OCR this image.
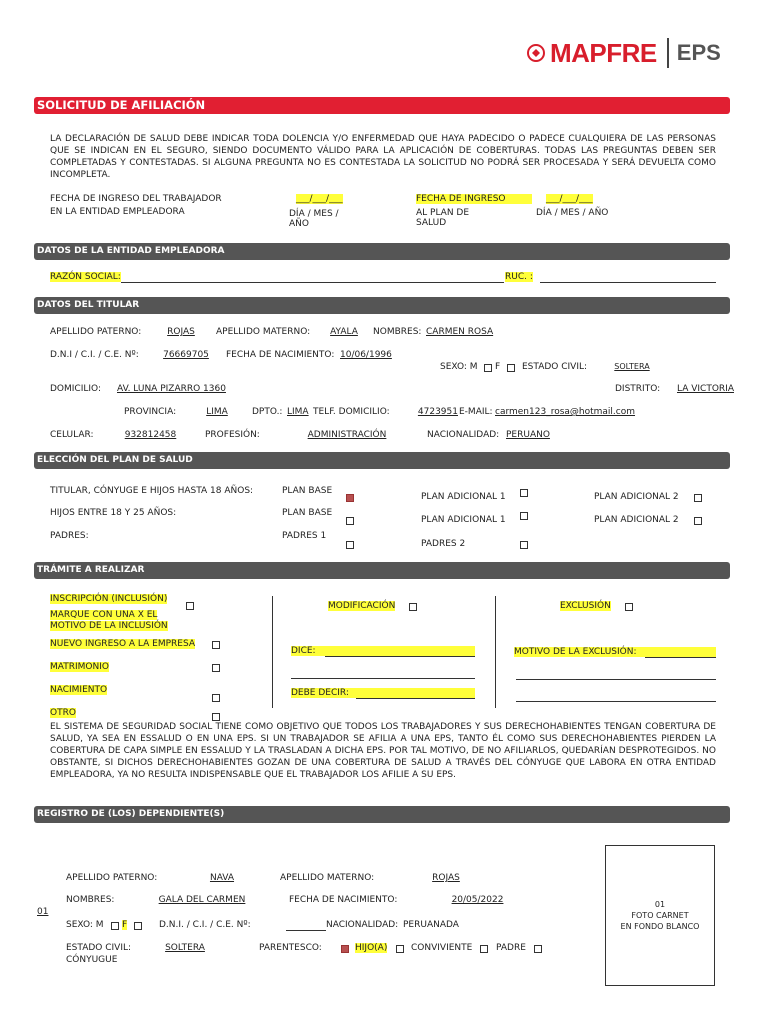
MAPFRE EPS
SOLICITUD DE AFILIACIÓN
LA DECLARACIÓN DE SALUD DEBE INDICAR TODA DOLENCIA Y/O ENFERMEDAD QUE HAYA PADECIDO O PADECE CUALQUIERA DE LAS PERSONAS QUE SE INDICAN EN EL SEGURO, SIENDO DOCUMENTO VÁLIDO PARA LA APLICACIÓN DE COBERTURAS. TODAS LAS PREGUNTAS DEBEN SER COMPLETADAS Y CONTESTADAS. SI ALGUNA PREGUNTA NO ES CONTESTADA LA SOLICITUD NO PODRÁ SER PROCESADA Y SERÁ DEVUELTA COMO INCOMPLETA.
FECHA DE INGRESO DEL TRABAJADOR
EN LA ENTIDAD EMPLEADORA
___/___/___
DÍA / MES / AÑO
FECHA DE INGRESO
AL PLAN DE SALUD
___/___/___
DÍA / MES / AÑO
DATOS DE LA ENTIDAD EMPLEADORA
RAZÓN SOCIAL:	RUC. :
DATOS DEL TITULAR
APELLIDO PATERNO:	ROJAS	APELLIDO MATERNO:	AYALA	NOMBRES: CARMEN ROSA
D.N.I / C.I. / C.E. Nº:	76669705	FECHA DE NACIMIENTO: 10/06/1996
SEXO: M F ESTADO CIVIL:	SOLTERA
DOMICILIO: AV. LUNA PIZARRO 1360	DISTRITO: LA VICTORIA
PROVINCIA:	LIMA	DPTO.: LIMA TELF. DOMICILIO:	4723951 E-MAIL: carmen123_rosa@hotmail.com
CELULAR:	932812458	PROFESIÓN:	ADMINISTRACIÓN	NACIONALIDAD: PERUANO
ELECCIÓN DEL PLAN DE SALUD
TITULAR, CÓNYUGE E HIJOS HASTA 18 AÑOS:	PLAN BASE
PLAN ADICIONAL 1	PLAN ADICIONAL 2
HIJOS ENTRE 18 Y 25 AÑOS:	PLAN BASE
PLAN ADICIONAL 1	PLAN ADICIONAL 2
PADRES:	PADRES 1
PADRES 2
TRÁMITE A REALIZAR
INSCRIPCIÓN (INCLUSIÓN)
MARQUE CON UNA X EL
MOTIVO DE LA INCLUSIÓN
NUEVO INGRESO A LA EMPRESA
MATRIMONIO
NACIMIENTO
OTRO
MODIFICACIÓN
DICE:
DEBE DECIR:
EXCLUSIÓN
MOTIVO DE LA EXCLUSIÓN:
EL SISTEMA DE SEGURIDAD SOCIAL TIENE COMO OBJETIVO QUE TODOS LOS TRABAJADORES Y SUS DERECHOHABIENTES TENGAN COBERTURA DE SALUD, YA SEA EN ESSALUD O EN UNA EPS. SI UN TRABAJADOR SE AFILIA A UNA EPS, TANTO ÉL COMO SUS DERECHOHABIENTES PIERDEN LA COBERTURA DE CAPA SIMPLE EN ESSALUD Y LA TRASLADAN A DICHA EPS. POR TAL MOTIVO, DE NO AFILIARLOS, QUEDARÍAN DESPROTEGIDOS. NO OBSTANTE, SI DICHOS DERECHOHABIENTES GOZAN DE UNA COBERTURA DE SALUD A TRAVÉS DEL CÓNYUGE QUE LABORA EN OTRA ENTIDAD EMPLEADORA, YA NO RESULTA INDISPENSABLE QUE EL TRABAJADOR LOS AFILIE A SU EPS.
REGISTRO DE (LOS) DEPENDIENTE(S)
01
APELLIDO PATERNO:	NAVA	APELLIDO MATERNO:	ROJAS
NOMBRES:	GALA DEL CARMEN	FECHA DE NACIMIENTO:	20/05/2022
SEXO: M F	D.N.I. / C.I. / C.E. Nº:	NACIONALIDAD: PERUANADA
ESTADO CIVIL:	SOLTERA	PARENTESCO:	HIJO(A)	CONVIVIENTE	PADRE
CÓNYUGUE
01
FOTO CARNET
EN FONDO BLANCO
